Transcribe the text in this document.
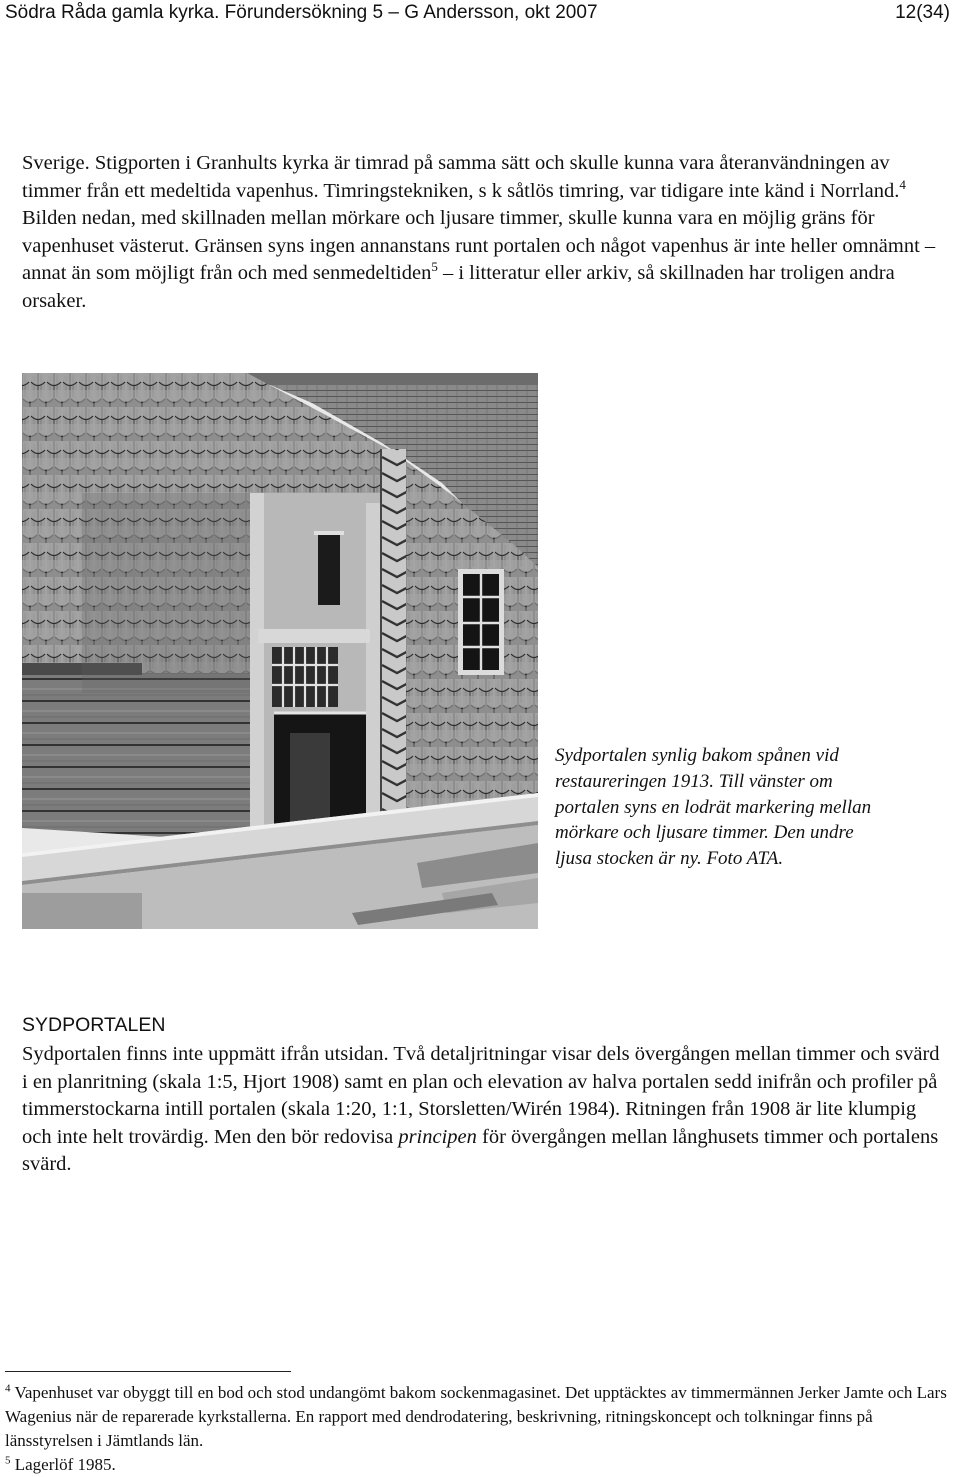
Södra Råda gamla kyrka. Förundersökning 5 – G Andersson, okt 2007	12(34)

Sverige. Stigporten i Granhults kyrka är timrad på samma sätt och skulle kunna vara återanvändningen av timmer från ett medeltida vapenhus. Timringstekniken, s k såtlös timring, var tidigare inte känd i Norrland.$^4$ Bilden nedan, med skillnaden mellan mörkare och ljusare timmer, skulle kunna vara en möjlig gräns för vapenhuset västerut. Gränsen syns ingen annanstans runt portalen och något vapenhus är inte heller omnämnt – annat än som möjligt från och med senmedeltiden$^5$ – i litteratur eller arkiv, så skillnaden har troligen andra orsaker.

Sydportalen synlig bakom spånen vid restaureringen 1913. Till vänster om portalen syns en lodrät markering mellan mörkare och ljusare timmer. Den undre ljusa stocken är ny. Foto ATA.
SYDPORTALEN

Sydportalen finns inte uppmätt ifrån utsidan. Två detaljritningar visar dels övergången mellan timmer och svärd i en planritning (skala 1:5, Hjort 1908) samt en plan och elevation av halva portalen sedd inifrån och profiler på timmerstockarna intill portalen (skala 1:20, 1:1, Storsletten/Wirén 1984). Ritningen från 1908 är lite klumpig och inte helt trovärdig. Men den bör redovisa principen för övergången mellan långhusets timmer och portalens svärd.

$^4$ Vapenhuset var obyggt till en bod och stod undangömt bakom sockenmagasinet. Det upptäcktes av timmermännen Jerker Jamte och Lars Wagenius när de reparerade kyrkstallerna. En rapport med dendrodatering, beskrivning, ritningskoncept och tolkningar finns på länsstyrelsen i Jämtlands län.

$^5$ Lagerlöf 1985.
